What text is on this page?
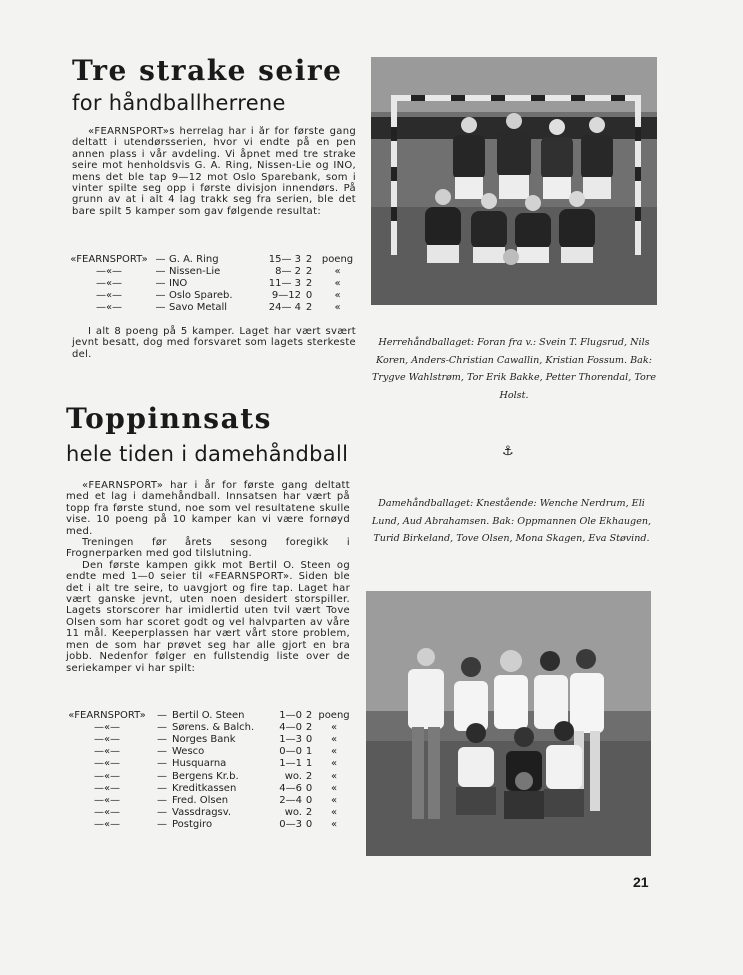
Tre strake seire
for håndballherrene
«FEARNSPORT»s herrelag har i år for første gang deltatt i utendørsserien, hvor vi endte på en pen annen plass i vår avdeling. Vi åpnet med tre strake seire mot henholdsvis G. A. Ring, Nissen-Lie og INO, mens det ble tap 9—12 mot Oslo Sparebank, som i vinter spilte seg opp i første divisjon innendørs. På grunn av at i alt 4 lag trakk seg fra serien, ble det bare spilt 5 kamper som gav følgende resultat:
«FEARNSPORT»	—	G. A. Ring	15— 3	2	poeng
—«—	—	Nissen-Lie	8— 2	2	«
—«—	—	INO	11— 3	2	«
—«—	—	Oslo Spareb.	9—12	0	«
—«—	—	Savo Metall	24— 4	2	«

I alt 8 poeng på 5 kamper. Laget har vært svært jevnt besatt, dog med forsvaret som lagets sterkeste del.

Toppinnsats
hele tiden i damehåndball

«FEARNSPORT» har i år for første gang deltatt med et lag i damehåndball. Innsatsen har vært på topp fra første stund, noe som vel resultatene skulle vise. 10 poeng på 10 kamper kan vi være fornøyd med.

Treningen før årets sesong foregikk i Frognerparken med god tilslutning.

Den første kampen gikk mot Bertil O. Steen og endte med 1—0 seier til «FEARNSPORT». Siden ble det i alt tre seire, to uavgjort og fire tap. Laget har vært ganske jevnt, uten noen desidert storspiller. Lagets storscorer har imidlertid uten tvil vært Tove Olsen som har scoret godt og vel halvparten av våre 11 mål. Keeperplassen har vært vårt store problem, men de som har prøvet seg har alle gjort en bra jobb. Nedenfor følger en fullstendig liste over de seriekamper vi har spilt:

«FEARNSPORT»	—	Bertil O. Steen	1—0	2	poeng
—«—	—	Sørens. & Balch.	4—0	2	«
—«—	—	Norges Bank	1—3	0	«
—«—	—	Wesco	0—0	1	«
—«—	—	Husquarna	1—1	1	«
—«—	—	Bergens Kr.b.	wo.	2	«
—«—	—	Kreditkassen	4—6	0	«
—«—	—	Fred. Olsen	2—4	0	«
—«—	—	Vassdragsv.	wo.	2	«
—«—	—	Postgiro	0—3	0	«
Herrehåndballaget: Foran fra v.: Svein T. Flugsrud, Nils Koren, Anders-Christian Cawallin, Kristian Fossum. Bak: Trygve Wahlstrøm, Tor Erik Bakke, Petter Thorendal, Tore Holst.
⚓
Damehåndballaget: Knestående: Wenche Nerdrum, Eli Lund, Aud Abrahamsen. Bak: Oppmannen Ole Ekhaugen, Turid Birkeland, Tove Olsen, Mona Skagen, Eva Støvind.
21
